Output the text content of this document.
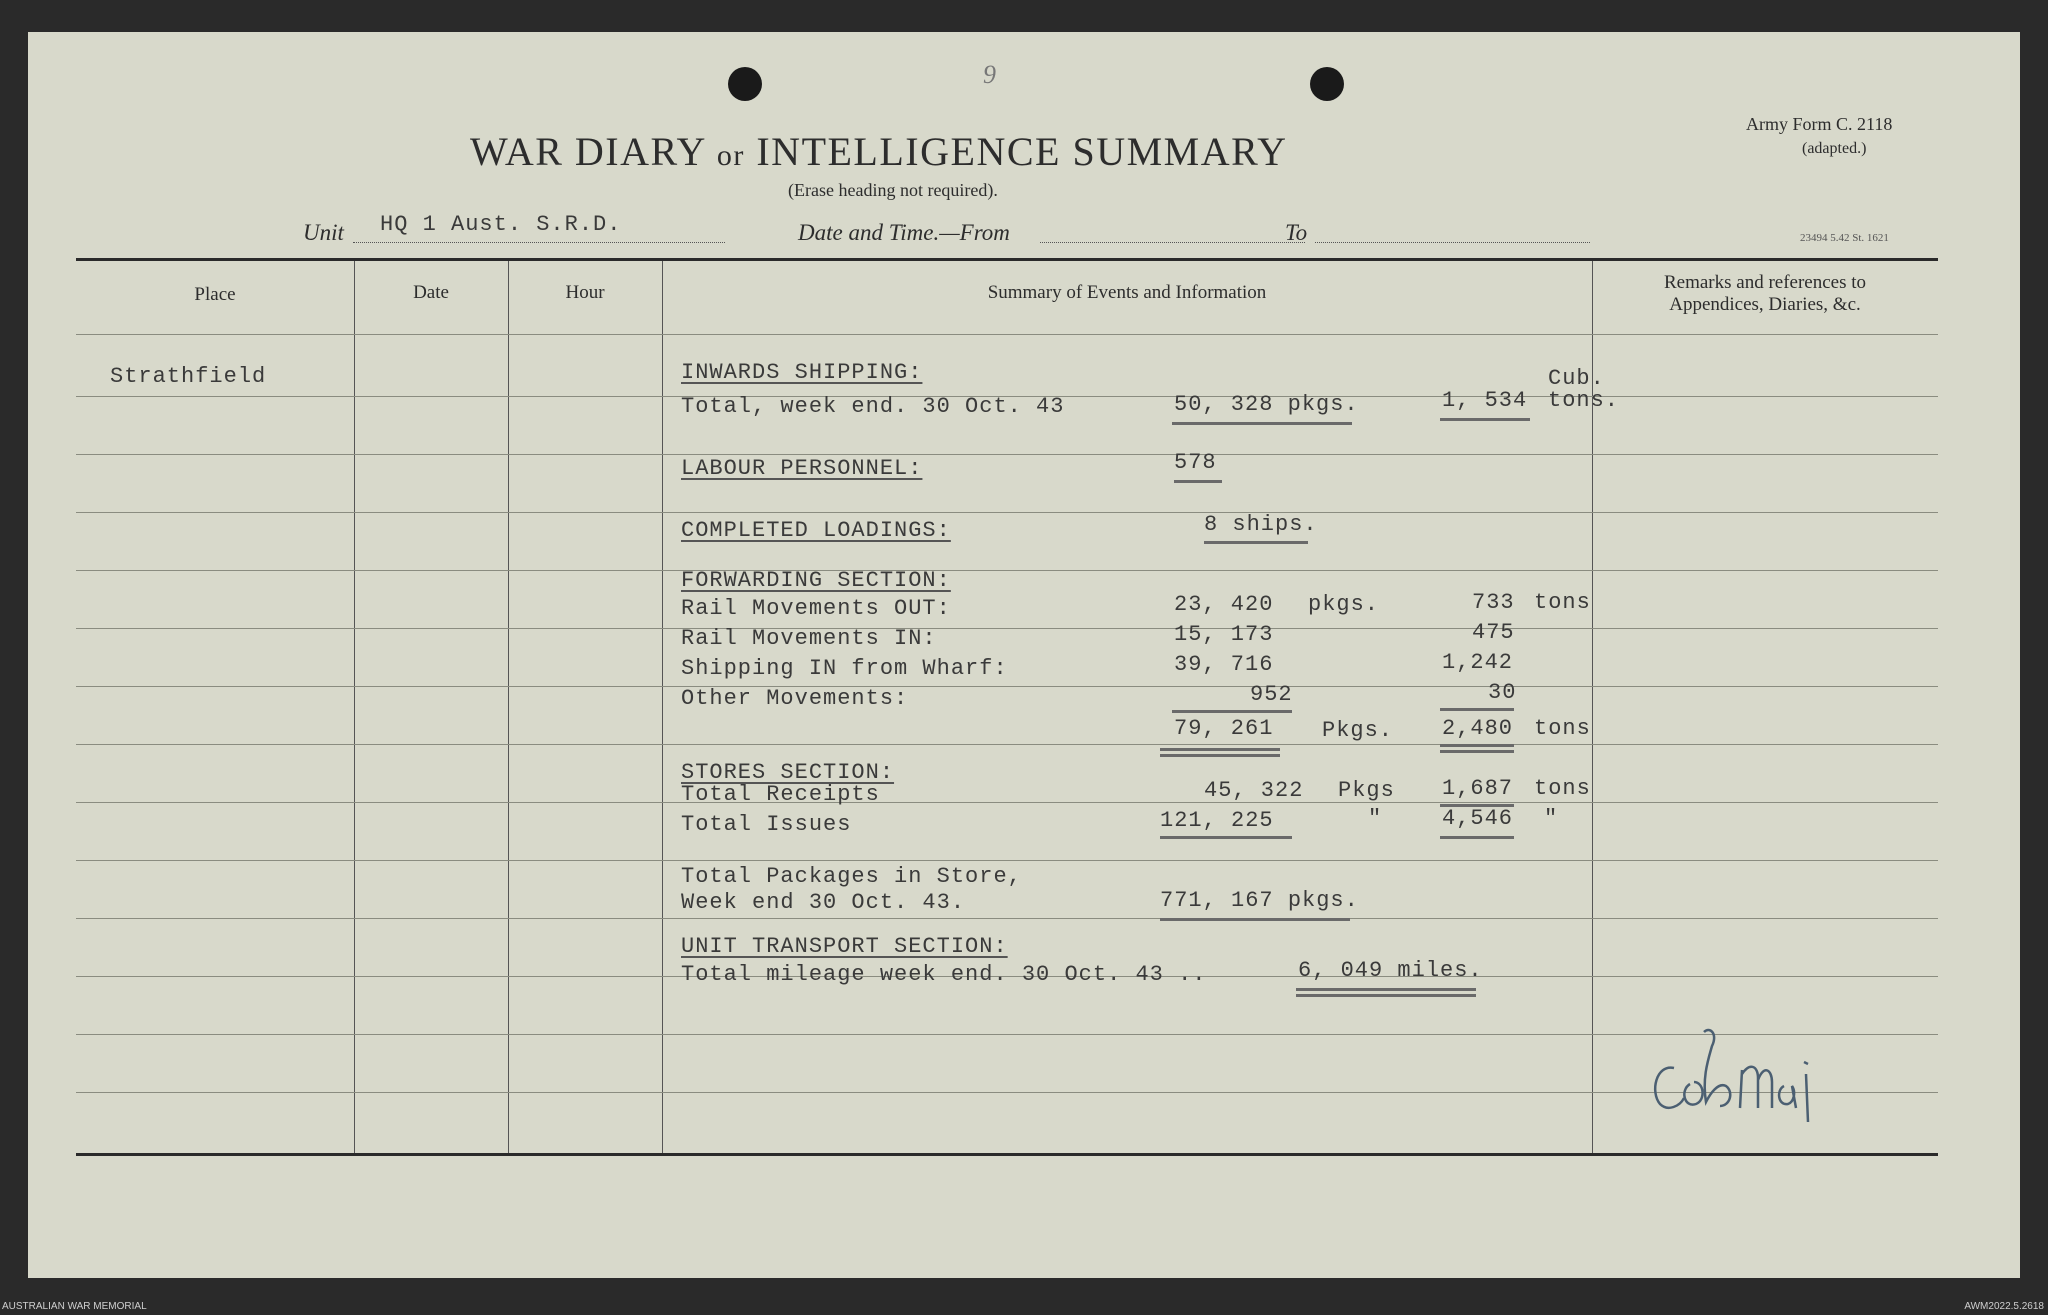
9
WAR DIARY or INTELLIGENCE SUMMARY
(Erase heading not required).
Army Form C. 2118
(adapted.)
23494 5.42 St. 1621
Unit HQ 1 Aust. S.R.D.	Date and Time.—From	To
Place	Date	Hour	Summary of Events and Information	Remarks and references to
Appendices, Diaries, &c.
Strathfield	INWARDS SHIPPING:
Total, week end. 30 Oct. 43	50, 328 pkgs.	1, 534
Cub.
tons.
LABOUR PERSONNEL:	578
COMPLETED LOADINGS:	8 ships.
FORWARDING SECTION:
Rail Movements OUT:	23, 420 pkgs.	733 tons
Rail Movements IN:	15, 173	475
Shipping IN from Wharf:	39, 716	1,242
Other Movements:	952	30
79, 261 Pkgs. 2,480 tons
STORES SECTION:
Total Receipts	45, 322 Pkgs 1,687 tons
Total Issues	121, 225	"	4,546 "
Total Packages in Store,
Week end 30 Oct. 43.	771, 167 pkgs.
UNIT TRANSPORT SECTION:
Total mileage week end. 30 Oct. 43 ..	6, 049 miles.
CO Maj
AUSTRALIAN WAR MEMORIAL	AWM2022.5.2618
